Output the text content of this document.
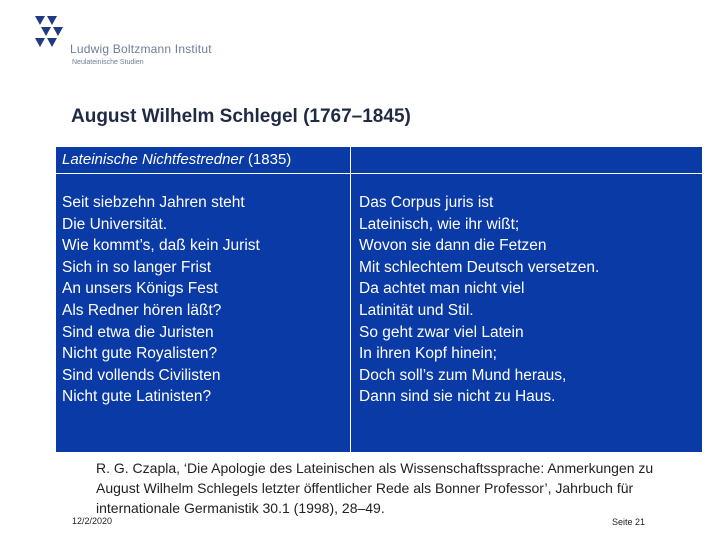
Ludwig Boltzmann Institut
Neulateinische Studien
August Wilhelm Schlegel (1767–1845)
Lateinische Nichtfestredner (1835)
Seit siebzehn Jahren steht
Die Universität.
Wie kommt’s, daß kein Jurist
Sich in so langer Frist
An unsers Königs Fest
Als Redner hören läßt?
Sind etwa die Juristen
Nicht gute Royalisten?
Sind vollends Civilisten
Nicht gute Latinisten?
Das Corpus juris ist
Lateinisch, wie ihr wißt;
Wovon sie dann die Fetzen
Mit schlechtem Deutsch versetzen.
Da achtet man nicht viel
Latinität und Stil.
So geht zwar viel Latein
In ihren Kopf hinein;
Doch soll’s zum Mund heraus,
Dann sind sie nicht zu Haus.
R. G. Czapla, ‘Die Apologie des Lateinischen als Wissenschaftssprache: Anmerkungen zu August Wilhelm Schlegels letzter öffentlicher Rede als Bonner Professor’, Jahrbuch für internationale Germanistik 30.1 (1998), 28–49.
12/2/2020	Seite 21
